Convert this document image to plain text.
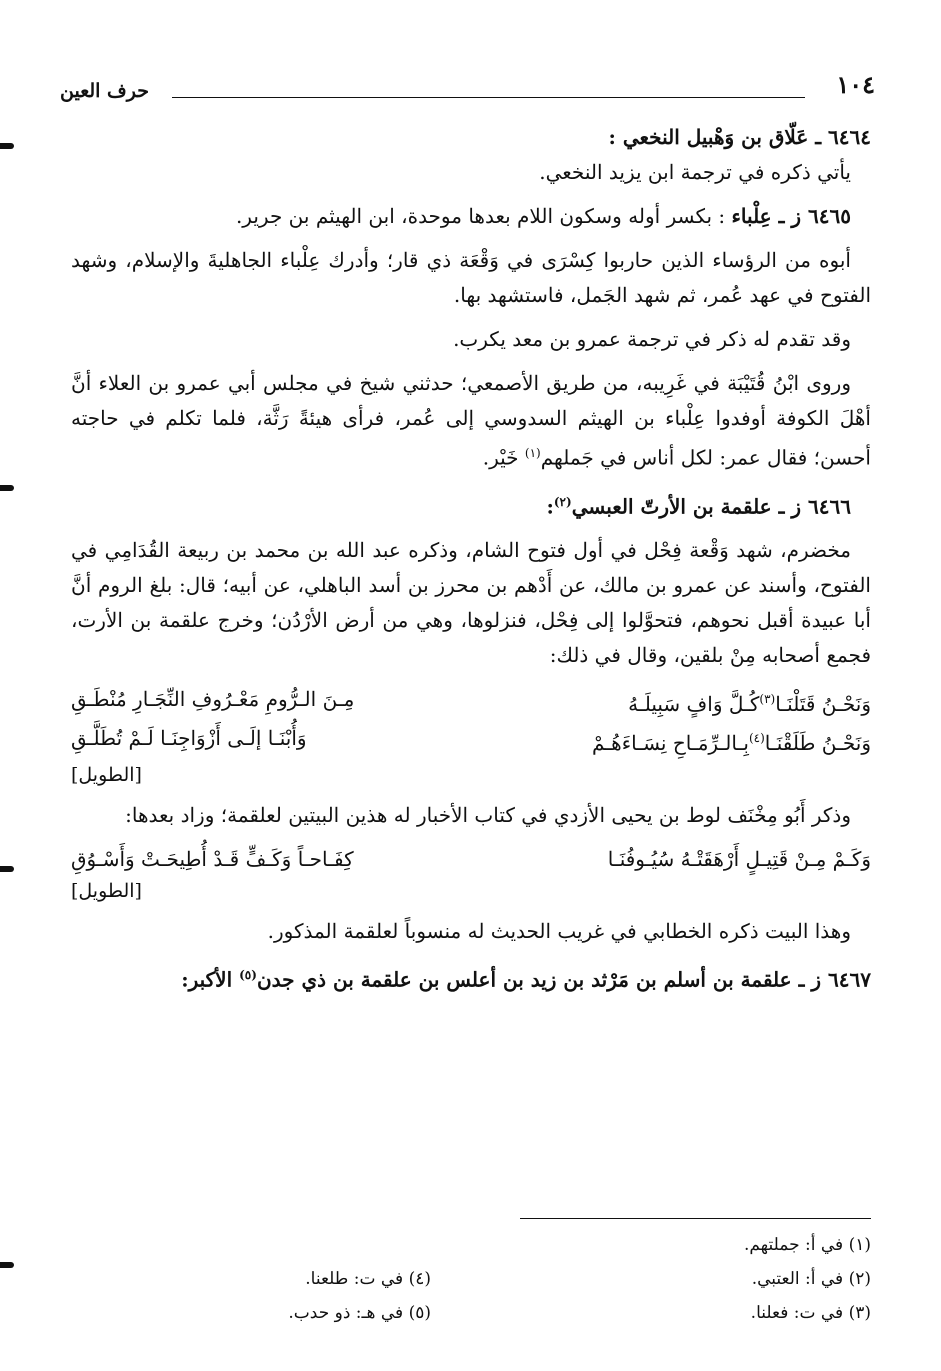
١٠٤
حرف العين

٦٤٦٤ ـ عَلّاق بن وَهْبيل النخعي :

يأتي ذكره في ترجمة ابن يزيد النخعي.

٦٤٦٥ ز ـ عِلْباء : بكسر أوله وسكون اللام بعدها موحدة، ابن الهيثم بن جرير.

أبوه من الرؤساء الذين حاربوا كِسْرَى في وَقْعَة ذي قار؛ وأدرك عِلْباء الجاهليةَ والإسلام، وشهد الفتوح في عهد عُمر، ثم شهد الجَمل، فاستشهد بها.

وقد تقدم له ذكر في ترجمة عمرو بن معد يكرب.

وروى ابْنُ قُتَيْبَة في غَرِيبه، من طريق الأصمعي؛ حدثني شيخ في مجلس أبي عمرو بن العلاء أنَّ أهْلَ الكوفة أوفدوا عِلْباء بن الهيثم السدوسي إلى عُمر، فرأى هيئةً رَثَّة، فلما تكلم في حاجته أحسن؛ فقال عمر: لكل أناس في جَملهم$^{(١)}$ خَيْر.

٦٤٦٦ ز ـ علقمة بن الأرتّ العبسي$^{(٢)}$:

مخضرم، شهد وَقْعة فِحْل في أول فتوح الشام، وذكره عبد الله بن محمد بن ربيعة القُدَامِي في الفتوح، وأسند عن عمرو بن مالك، عن أَدْهم بن محرز بن أسد الباهلي، عن أبيه؛ قال: بلغ الروم أنَّ أبا عبيدة أقبل نحوهم، فتحوَّلوا إلى فِحْل، فنزلوها، وهي من أرض الأرْدُن؛ وخرج علقمة بن الأرت، فجمع أصحابه مِنْ بلقين، وقال في ذلك:

وَنَحْـنُ قَتَلْنَـا$^{(٣)}$كُـلَّ وَافٍ سَبِيلَـهُ
مِـنَ الـرُّومِ مَعْـرُوفِ النِّجَـارِ مُنْطَـقِ
وَنَحْـنُ طَلَقْنَـا$^{(٤)}$بِـالـرِّمَـاحِ نِسَـاءَهُـمْ
وَأُبْنَـا إلَـى أَزْوَاجِنَـا لَـمْ تُطَلَّـقِ

[الطويل]

وذكر أَبُو مِخْنَف لوط بن يحيى الأزدي في كتاب الأخبار له هذين البيتين لعلقمة؛ وزاد بعدها:

وَكَـمْ مِـنْ قَتِيـلٍ أَرْهَقَتْـهُ سُيُـوفُنَـا
كِفَـاحـاً وَكَـفٍّ قَـدْ أُطِيحَـتْ وَأَسْـوُقِ

[الطويل]

وهذا البيت ذكره الخطابي في غريب الحديث له منسوباً لعلقمة المذكور.

٦٤٦٧ ز ـ علقمة بن أسلم بن مَرْثد بن زيد بن أعلس بن علقمة بن ذي جدن$^{(٥)}$ الأكبر:

(١) في أ: جملتهم.
(٢) في أ: العتبي.
(٣) في ت: فعلنا.
(٤) في ت: طلعنا.
(٥) في هـ: ذو حدب.
